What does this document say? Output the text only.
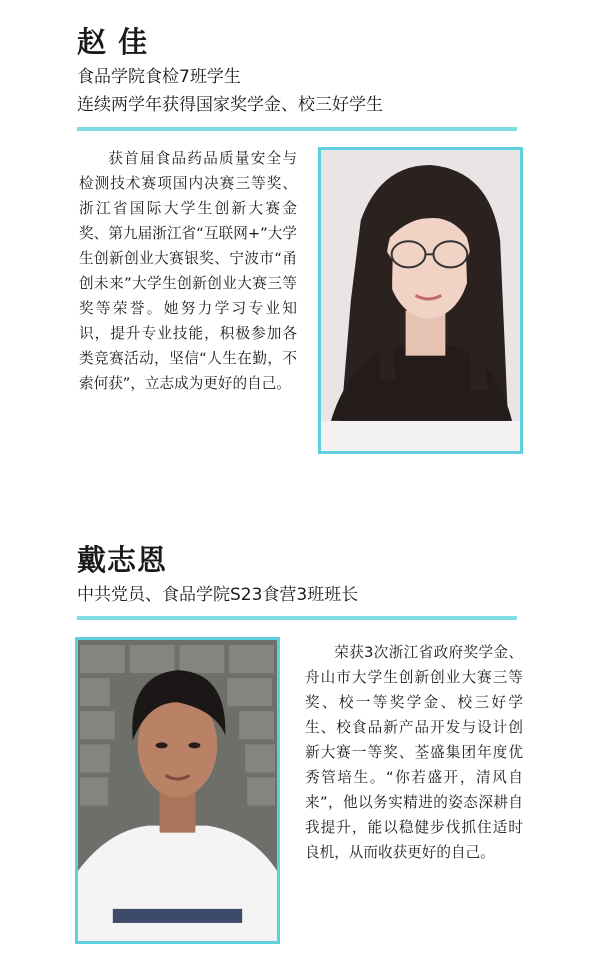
赵 佳
食品学院食检7班学生
连续两学年获得国家奖学金、校三好学生

获首届食品药品质量安全与检测技术赛项国内决赛三等奖、浙江省国际大学生创新大赛金奖、第九届浙江省“互联网+”大学生创新创业大赛银奖、宁波市“甬创未来”大学生创新创业大赛三等奖等荣誉。她努力学习专业知识，提升专业技能，积极参加各类竞赛活动，坚信“人生在勤，不索何获”，立志成为更好的自己。

戴志恩
中共党员、食品学院S23食营3班班长

荣获3次浙江省政府奖学金、舟山市大学生创新创业大赛三等奖、校一等奖学金、校三好学生、校食品新产品开发与设计创新大赛一等奖、荃盛集团年度优秀管培生。“你若盛开，清风自来”，他以务实精进的姿态深耕自我提升，能以稳健步伐抓住适时良机，从而收获更好的自己。
